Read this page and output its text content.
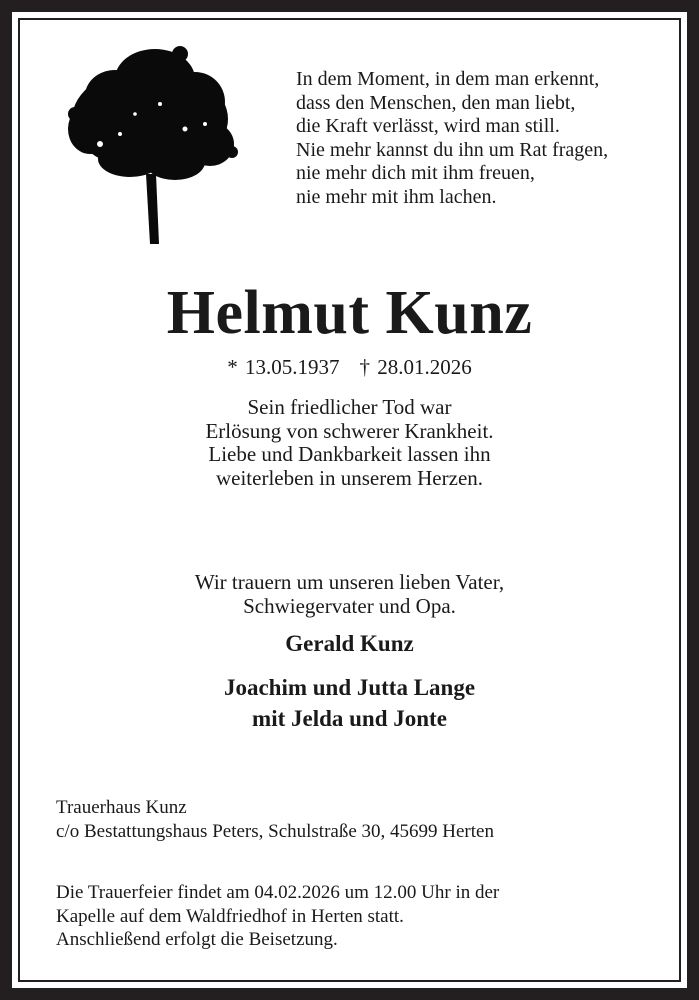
In dem Moment, in dem man erkennt,
dass den Menschen, den man liebt,
die Kraft verlässt, wird man still.
Nie mehr kannst du ihn um Rat fragen,
nie mehr dich mit ihm freuen,
nie mehr mit ihm lachen.
Helmut Kunz
* 13.05.1937 † 28.01.2026
Sein friedlicher Tod war
Erlösung von schwerer Krankheit.
Liebe und Dankbarkeit lassen ihn
weiterleben in unserem Herzen.
Wir trauern um unseren lieben Vater,
Schwiegervater und Opa.
Gerald Kunz
Joachim und Jutta Lange
mit Jelda und Jonte
Trauerhaus Kunz
c/o Bestattungshaus Peters, Schulstraße 30, 45699 Herten
Die Trauerfeier findet am 04.02.2026 um 12.00 Uhr in der
Kapelle auf dem Waldfriedhof in Herten statt.
Anschließend erfolgt die Beisetzung.
